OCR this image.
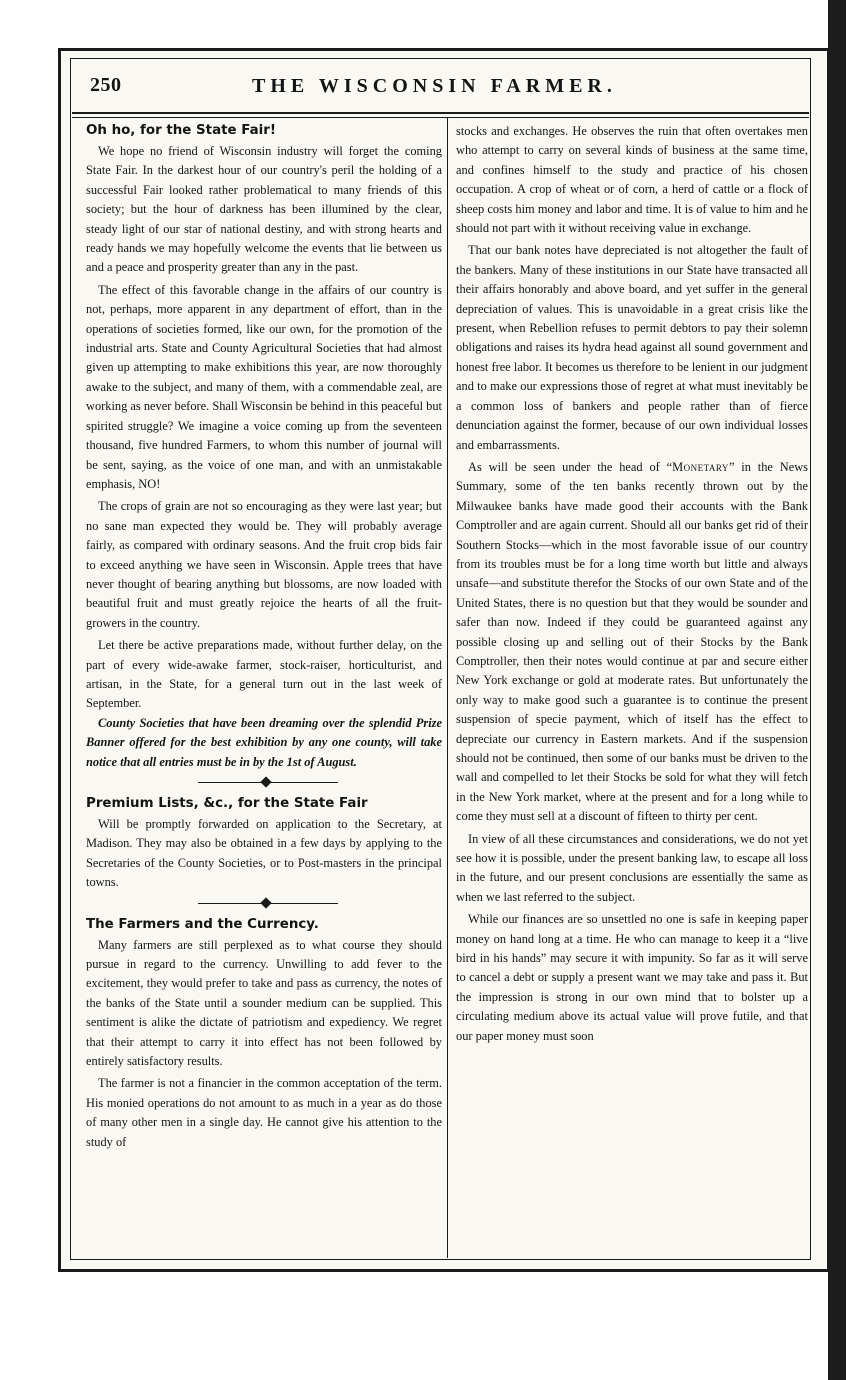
250	THE WISCONSIN FARMER.
Oh ho, for the State Fair!

We hope no friend of Wisconsin industry will forget the coming State Fair. In the darkest hour of our country's peril the holding of a successful Fair looked rather problematical to many friends of this society; but the hour of darkness has been illumined by the clear, steady light of our star of national destiny, and with strong hearts and ready hands we may hopefully welcome the events that lie between us and a peace and prosperity greater than any in the past.

The effect of this favorable change in the affairs of our country is not, perhaps, more apparent in any department of effort, than in the operations of societies formed, like our own, for the promotion of the industrial arts. State and County Agricultural Societies that had almost given up attempting to make exhibitions this year, are now thoroughly awake to the subject, and many of them, with a commendable zeal, are working as never before. Shall Wisconsin be behind in this peaceful but spirited struggle? We imagine a voice coming up from the seventeen thousand, five hundred Farmers, to whom this number of journal will be sent, saying, as the voice of one man, and with an unmistakable emphasis, NO!

The crops of grain are not so encouraging as they were last year; but no sane man expected they would be. They will probably average fairly, as compared with ordinary seasons. And the fruit crop bids fair to exceed anything we have seen in Wisconsin. Apple trees that have never thought of bearing anything but blossoms, are now loaded with beautiful fruit and must greatly rejoice the hearts of all the fruit-growers in the country.

Let there be active preparations made, without further delay, on the part of every wide-awake farmer, stock-raiser, horticulturist, and artisan, in the State, for a general turn out in the last week of September.

County Societies that have been dreaming over the splendid Prize Banner offered for the best exhibition by any one county, will take notice that all entries must be in by the 1st of August.

Premium Lists, &c., for the State Fair

Will be promptly forwarded on application to the Secretary, at Madison. They may also be obtained in a few days by applying to the Secretaries of the County Societies, or to Post-masters in the principal towns.

The Farmers and the Currency.

Many farmers are still perplexed as to what course they should pursue in regard to the currency. Unwilling to add fever to the excitement, they would prefer to take and pass as currency, the notes of the banks of the State until a sounder medium can be supplied. This sentiment is alike the dictate of patriotism and expediency. We regret that their attempt to carry it into effect has not been followed by entirely satisfactory results.

The farmer is not a financier in the common acceptation of the term. His monied operations do not amount to as much in a year as do those of many other men in a single day. He cannot give his attention to the study of

stocks and exchanges. He observes the ruin that often overtakes men who attempt to carry on several kinds of business at the same time, and confines himself to the study and practice of his chosen occupation. A crop of wheat or of corn, a herd of cattle or a flock of sheep costs him money and labor and time. It is of value to him and he should not part with it without receiving value in exchange.

That our bank notes have depreciated is not altogether the fault of the bankers. Many of these institutions in our State have transacted all their affairs honorably and above board, and yet suffer in the general depreciation of values. This is unavoidable in a great crisis like the present, when Rebellion refuses to permit debtors to pay their solemn obligations and raises its hydra head against all sound government and honest free labor. It becomes us therefore to be lenient in our judgment and to make our expressions those of regret at what must inevitably be a common loss of bankers and people rather than of fierce denunciation against the former, because of our own individual losses and embarrassments.

As will be seen under the head of “Monetary” in the News Summary, some of the ten banks recently thrown out by the Milwaukee banks have made good their accounts with the Bank Comptroller and are again current. Should all our banks get rid of their Southern Stocks—which in the most favorable issue of our country from its troubles must be for a long time worth but little and always unsafe—and substitute therefor the Stocks of our own State and of the United States, there is no question but that they would be sounder and safer than now. Indeed if they could be guaranteed against any possible closing up and selling out of their Stocks by the Bank Comptroller, then their notes would continue at par and secure either New York exchange or gold at moderate rates. But unfortunately the only way to make good such a guarantee is to continue the present suspension of specie payment, which of itself has the effect to depreciate our currency in Eastern markets. And if the suspension should not be continued, then some of our banks must be driven to the wall and compelled to let their Stocks be sold for what they will fetch in the New York market, where at the present and for a long while to come they must sell at a discount of fifteen to thirty per cent.

In view of all these circumstances and considerations, we do not yet see how it is possible, under the present banking law, to escape all loss in the future, and our present conclusions are essentially the same as when we last referred to the subject.

While our finances are so unsettled no one is safe in keeping paper money on hand long at a time. He who can manage to keep it a “live bird in his hands” may secure it with impunity. So far as it will serve to cancel a debt or supply a present want we may take and pass it. But the impression is strong in our own mind that to bolster up a circulating medium above its actual value will prove futile, and that our paper money must soon
